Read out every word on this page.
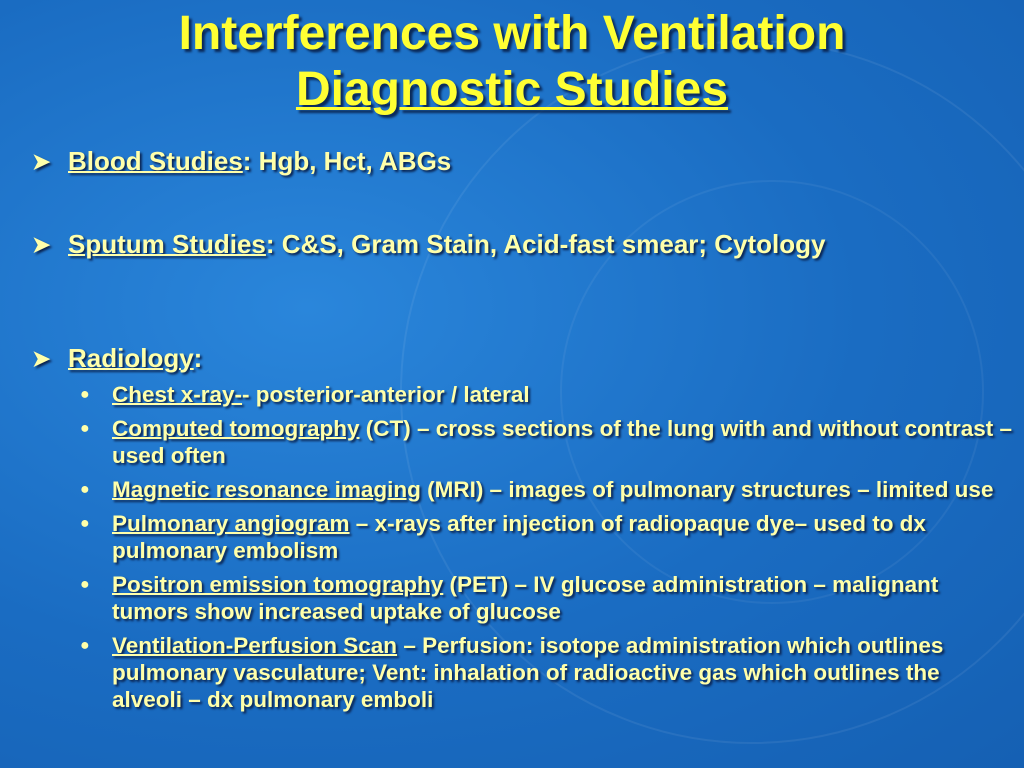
Interferences with Ventilation
Diagnostic Studies
➤ Blood Studies: Hgb, Hct, ABGs
➤ Sputum Studies: C&S, Gram Stain, Acid-fast smear; Cytology
➤ Radiology:
● Chest x-ray-- posterior-anterior / lateral
● Computed tomography (CT) – cross sections of the lung with and without contrast – used often
● Magnetic resonance imaging (MRI) – images of pulmonary structures – limited use
● Pulmonary angiogram – x-rays after injection of radiopaque dye– used to dx pulmonary embolism
● Positron emission tomography (PET) – IV glucose administration – malignant tumors show increased uptake of glucose
● Ventilation-Perfusion Scan – Perfusion: isotope administration which outlines pulmonary vasculature; Vent: inhalation of radioactive gas which outlines the alveoli – dx pulmonary emboli
